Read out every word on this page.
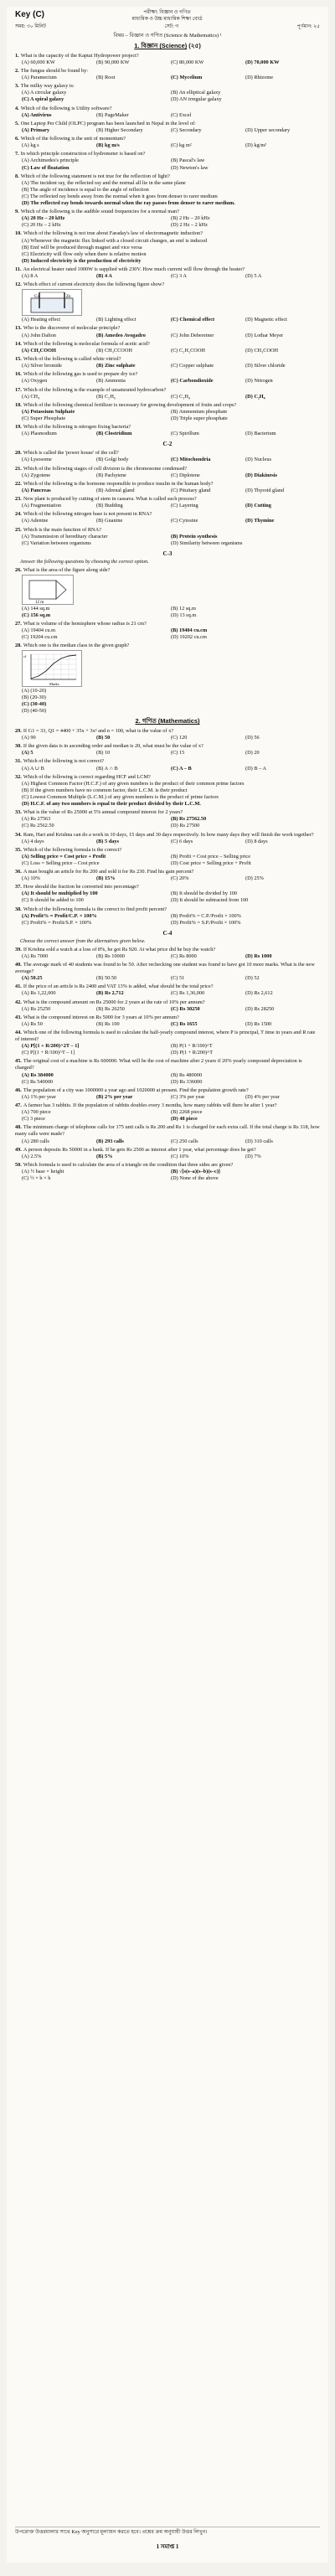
Key (C)	পরীক্ষা: বিজ্ঞান ও গণিত
মাধ্যমিক ও উচ্চ মাধ্যমিক শিক্ষা বোর্ড
সময়: ৩০ মিনিট	সেট: গ	পূর্ণমান: ২৫
বিষয় – বিজ্ঞান ও গণিত (Science & Mathematics) ¹
1. বিজ্ঞান (Science) (২৫)
1. What is the capacity of the Kaptai Hydropower project?
(A) 60,000 KW	(B) 90,000 KW	(C) 80,000 KW	(D) 70,000 KW
2. The fungus should be found by:
(A) Paramecium	(B) Root	(C) Mycelium	(D) Rhizome
3. The milky way galaxy is:
(A) A circular galaxy	(B) An elliptical galaxy
(C) A spiral galaxy	(D) AN irregular galaxy
4. Which of the following is Utility software?
(A) Antivirus	(B) PageMaker	(C) Excel
5. One Laptop Per Child (OLPC) program has been launched in Nepal in the level of:
(A) Primary	(B) Higher Secondary	(C) Secondary	(D) Upper secondary
6. Which of the following is the unit of momentum?
(A) kg s	(B) kg m/s	(C) kg m²	(D) kg/m²
7. In which principle construction of hydrometer is based on?
(A) Archimedes's principle	(B) Pascal's law
(C) Law of floatation	(D) Newton's law
8. Which of the following statement is not true for the reflection of light?
(A) The incident ray, the reflected ray and the normal all lie in the same plane
(B) The angle of incidence is equal to the angle of reflection
(C) The reflected ray bends away from the normal when it goes from denser to rarer medium
(D) The reflected ray bends towards normal when the ray passes from denser to rarer medium.
9. Which of the following is the audible sound frequencies for a normal man?
(A) 20 Hz – 20 kHz	(B) 2 Hz – 20 kHz
(C) 20 Hz – 2 kHz	(D) 2 Hz – 2 kHz
10. Which of the following is not true about Faraday's law of electromagnetic induction?
(A) Whenever the magnetic flux linked with a closed circuit changes, an emf is induced
(B) Emf will be produced through magnet and vice versa
(C) Electricity will flow only when there is relative motion
(D) Induced electricity is the production of electricity
11. An electrical heater rated 1000W is supplied with 230V. How much current will flow through the heater?
(A) 8 A	(B) 4 A	(C) 3 A	(D) 5 A
12. Which effect of current electricity does the following figure show?
Cu	Zn
(A) Heating effect	(B) Lighting effect	(C) Chemical effect	(D) Magnetic effect
13. Who is the discoverer of molecular principle?
(A) John Dalton	(B) Amedeo Avogadro	(C) John Debereiner	(D) Lothar Meyer
14. Which of the following is molecular formula of acetic acid?
(A) CH₃COOH	(B) CH₃CCOOH	(C) C₂H₅COOH	(D) CH₃COOH
15. Which of the following is called white vitriol?
(A) Silver bromide	(B) Zinc sulphate	(C) Copper sulphate	(D) Silver chloride
16. Which of the following gas is used to prepare dry ice?
(A) Oxygen	(B) Ammonia	(C) Carbondioxide	(D) Nitrogen
17. Which of the following is the example of unsaturated hydrocarbon?
(A) CH₄	(B) C₂H₆	(C) C₃H₈	(D) C₂H₄
18. Which of the following chemical fertilizer is necessary for growing development of fruits and crops?
(A) Potassium Sulphate	(B) Ammonium phosphate
(C) Super Phosphate	(D) Triple super phosphate
19. Which of the following is nitrogen fixing bacteria?
(A) Plasmodium	(B) Clostridium	(C) Spirillum	(D) Bacterium
C-2
20. Which is called the 'power house' of the cell?
(A) Lysosome	(B) Golgi body	(C) Mitochondria	(D) Nucleus
21. Which of the following stages of cell division is the chromosome condensed?
(A) Zygotene	(B) Pachytene	(C) Diplotene	(D) Diakinesis
22. Which of the following is the hormone responsible to produce insulin in the human body?
(A) Pancreas	(B) Adrenal gland	(C) Pituitary gland	(D) Thyroid gland
23. New plant is produced by cutting of stem in cassava. What is called such process?
(A) Fragmentation	(B) Budding	(C) Layering	(D) Cutting
24. Which of the following nitrogen base is not present in RNA?
(A) Adenine	(B) Guanine	(C) Cytosine	(D) Thymine
25. Which is the main function of RNA?
(A) Transmission of hereditary character	(B) Protein synthesis
(C) Variation between organisms	(D) Similarity between organisms
C-3
Answer the following questions by choosing the correct option.
26. What is the area of the figure along side?
12 m
(A) 144 sq.m	(B) 12 sq.m
(C) 156 sq.m	(D) 13 sq.m
27. What is volume of the hemisphere whose radius is 21 cm?
(A) 19404 cu.m	(B) 19404 cu.cm
(C) 19204 cu.cm	(D) 19202 cu.cm
28. Which one is the median class in the given graph?
Marks
cf
(A) (10-20)
(B) (20-30)
(C) (30-40)
(D) (40-50)
2. গণিত (Mathematics)
29. If G1 = 33, Q1 = 4400 + 35x + 3x² and n = 100, what is the value of x?
(A) 90	(B) 50	(C) 120	(D) 56
30. If the given data is in ascending order and median is 20, what must be the value of x?
(A) 5	(B) 10	(C) 15	(D) 20
31. Which of the following is not correct?
(A) A ∪ B	(B) A ∩ B	(C) A – B	(D) B – A
32. Which of the following is correct regarding HCF and LCM?
(A) Highest Common Factor (H.C.F.) of any given numbers is the product of their common prime factors
(B) If the given numbers have no common factor, their L.C.M. is their product
(C) Lowest Common Multiple (L.C.M.) of any given numbers is the product of prime factors
(D) H.C.F. of any two numbers is equal to their product divided by their L.C.M.
33. What is the value of Rs 25000 at 5% annual compound interest for 2 years?
(A) Rs 27563	(B) Rs 27562.50
(C) Rs 2562.50	(D) Rs 27500
34. Ram, Hari and Krishna can do a work in 10 days, 15 days and 30 days respectively. In how many days they will finish the work together?
(A) 4 days	(B) 5 days	(C) 6 days	(D) 8 days
35. Which of the following formula is the correct?
(A) Selling price = Cost price + Profit	(B) Profit = Cost price – Selling price
(C) Loss = Selling price – Cost price	(D) Cost price = Selling price + Profit
36. A man bought an article for Rs 200 and sold it for Rs 230. Find his gain percent?
(A) 10%	(B) 15%	(C) 20%	(D) 25%
37. How should the fraction be converted into percentage?
(A) It should be multiplied by 100	(B) It should be divided by 100
(C) It should be added to 100	(D) It should be subtracted from 100
38. Which of the following formula is the correct to find profit percent?
(A) Profit% = Profit/C.P. × 100%	(B) Profit% = C.P./Profit × 100%
(C) Profit% = Profit/S.P. × 100%	(D) Profit% = S.P./Profit × 100%
C-4
Choose the correct answer from the alternatives given below.
39. If Krishna sold a watch at a loss of 8%, he got Rs 920. At what price did he buy the watch?
(A) Rs 7000	(B) Rs 10000	(C) Rs 8000	(D) Rs 1000
40. The average mark of 40 students was found to be 50. After rechecking one student was found to have got 10 more marks. What is the new average?
(A) 50.25	(B) 50.50	(C) 51	(D) 52
41. If the price of an article is Rs 2400 and VAT 13% is added, what should be the total price?
(A) Rs 1,22,000	(B) Rs 2,712	(C) Rs 1,36,000	(D) Rs 2,612
42. What is the compound amount on Rs 25000 for 2 years at the rate of 10% per annum?
(A) Rs 25250	(B) Rs 26250	(C) Rs 30250	(D) Rs 28250
43. What is the compound interest on Rs 5000 for 3 years at 10% per annum?
(A) Rs 50	(B) Rs 100	(C) Rs 1655	(D) Rs 1500
44. Which one of the following formula is used to calculate the half-yearly compound interest, where P is principal, T time in years and R rate of interest?
(A) P[(1 + R/200)^2T – 1]	(B) P(1 + R/100)^T
(C) P[(1 + R/100)^T – 1]	(D) P(1 + R/200)^T
45. The original cost of a machine is Rs 600000. What will be the cost of machine after 2 years if 20% yearly compound depreciation is charged?
(A) Rs 384000	(B) Rs 480000
(C) Rs 540000	(D) Rs 336000
46. The population of a city was 1000000 a year ago and 1020000 at present. Find the population growth rate?
(A) 1% per year	(B) 2% per year	(C) 3% per year	(D) 4% per year
47. A farmer has 3 rabbits. If the population of rabbits doubles every 3 months, how many rabbits will there be after 1 year?
(A) 700 piece	(B) 2268 piece
(C) 3 piece	(D) 48 piece
48. The minimum charge of telephone calls for 175 unit calls is Rs 200 and Rs 1 is charged for each extra call. If the total charge is Rs 318, how many calls were made?
(A) 280 calls	(B) 293 calls	(C) 250 calls	(D) 310 calls
49. A person deposits Rs 50000 in a bank. If he gets Rs 2500 as interest after 1 year, what percentage does he get?
(A) 2.5%	(B) 5%	(C) 10%	(D) 7%
50. Which formula is used to calculate the area of a triangle on the condition that three sides are given?
(A) ½ base × height	(B) √[s(s–a)(s–b)(s–c)]
(C) ½ × b × h	(D) None of the above
উপরোক্ত উত্তরমালার সাথে Key অনুসারে মূল্যায়ন করতে হবে। প্রশ্নের ক্রম অনুযায়ী উত্তর লিখুন।
1 সমাপ্ত 1
